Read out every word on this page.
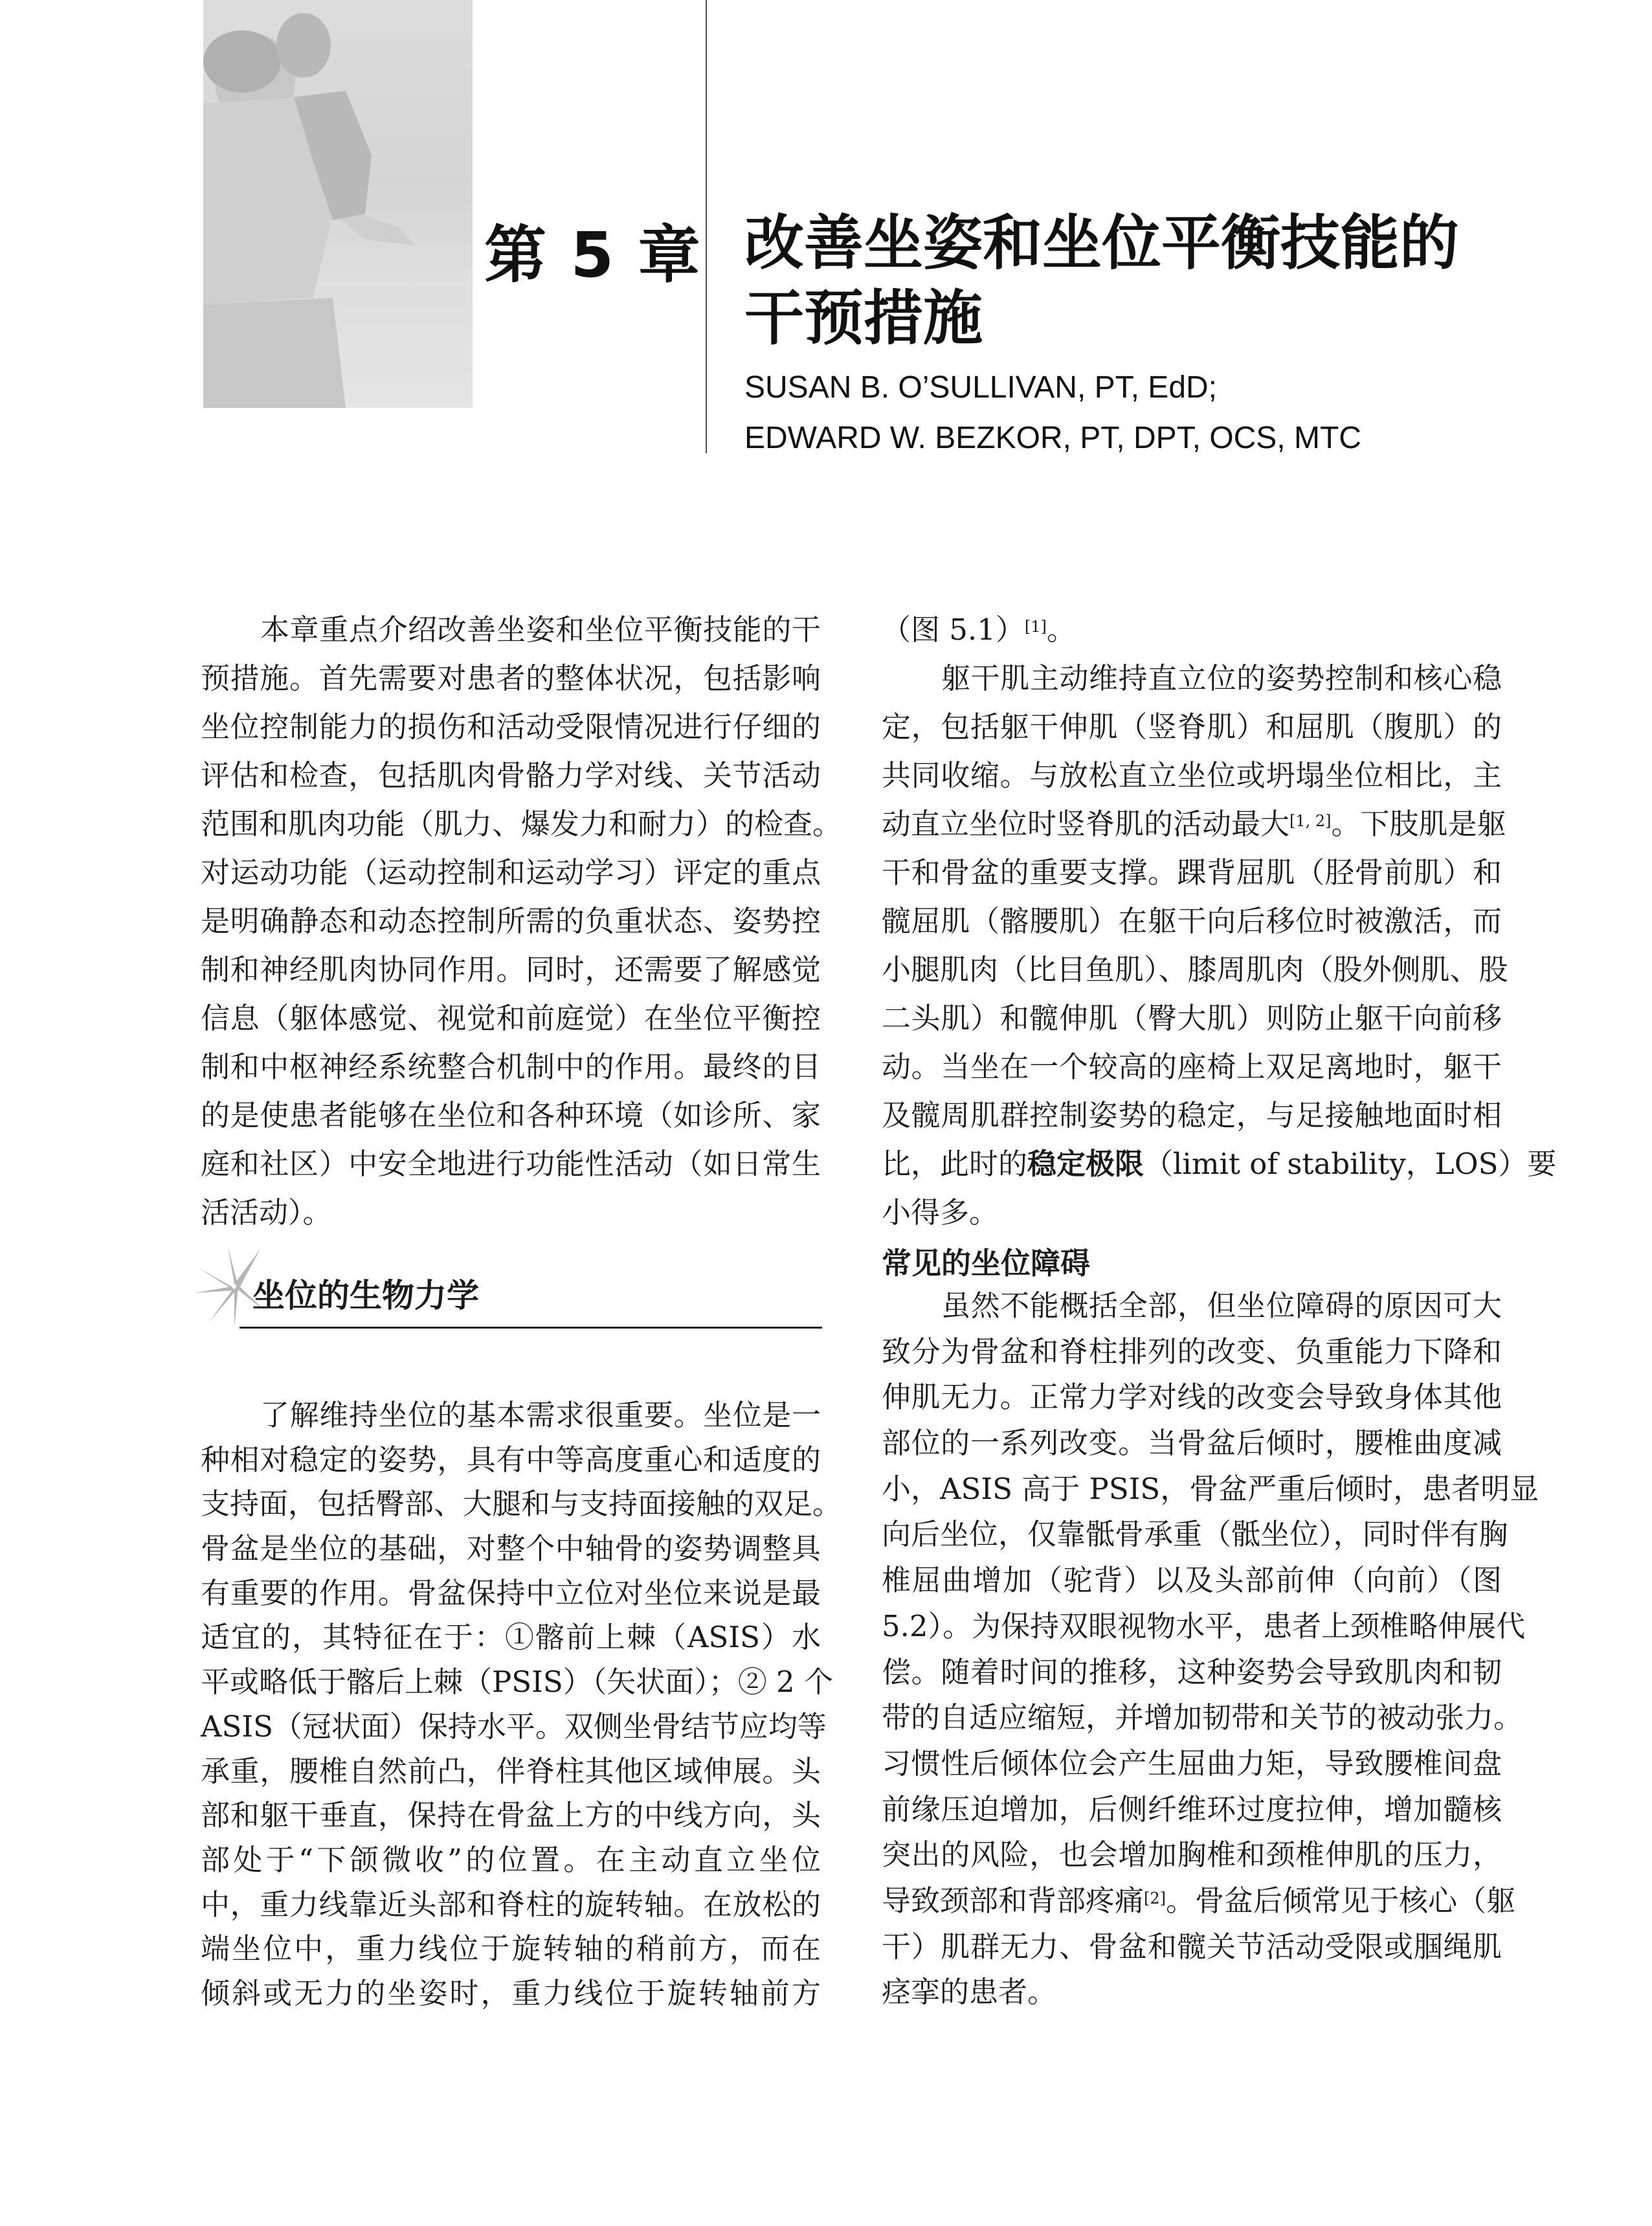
第 5 章 改善坐姿和坐位平衡技能的
干预措施
SUSAN B. O’SULLIVAN, PT, EdD;
EDWARD W. BEZKOR, PT, DPT, OCS, MTC
本章重点介绍改善坐姿和坐位平衡技能的干
预措施。首先需要对患者的整体状况，包括影响
坐位控制能力的损伤和活动受限情况进行仔细的
评估和检查，包括肌肉骨骼力学对线、关节活动
范围和肌肉功能（肌力、爆发力和耐力）的检查。
对运动功能（运动控制和运动学习）评定的重点
是明确静态和动态控制所需的负重状态、姿势控
制和神经肌肉协同作用。同时，还需要了解感觉
信息（躯体感觉、视觉和前庭觉）在坐位平衡控
制和中枢神经系统整合机制中的作用。最终的目
的是使患者能够在坐位和各种环境（如诊所、家
庭和社区）中安全地进行功能性活动（如日常生
活活动）。
坐位的生物力学
了解维持坐位的基本需求很重要。坐位是一
种相对稳定的姿势，具有中等高度重心和适度的
支持面，包括臀部、大腿和与支持面接触的双足。
骨盆是坐位的基础，对整个中轴骨的姿势调整具
有重要的作用。骨盆保持中立位对坐位来说是最
适宜的，其特征在于：①髂前上棘（ASIS）水
平或略低于髂后上棘（PSIS）（矢状面）；② 2 个
ASIS（冠状面）保持水平。双侧坐骨结节应均等
承重，腰椎自然前凸，伴脊柱其他区域伸展。头
部和躯干垂直，保持在骨盆上方的中线方向，头
部处于“下颌微收”的位置。在主动直立坐位
中，重力线靠近头部和脊柱的旋转轴。在放松的
端坐位中，重力线位于旋转轴的稍前方，而在
倾斜或无力的坐姿时，重力线位于旋转轴前方
（图 5.1）[1]。
躯干肌主动维持直立位的姿势控制和核心稳
定，包括躯干伸肌（竖脊肌）和屈肌（腹肌）的
共同收缩。与放松直立坐位或坍塌坐位相比，主
动直立坐位时竖脊肌的活动最大[1, 2]。下肢肌是躯
干和骨盆的重要支撑。踝背屈肌（胫骨前肌）和
髋屈肌（髂腰肌）在躯干向后移位时被激活，而
小腿肌肉（比目鱼肌）、膝周肌肉（股外侧肌、股
二头肌）和髋伸肌（臀大肌）则防止躯干向前移
动。当坐在一个较高的座椅上双足离地时，躯干
及髋周肌群控制姿势的稳定，与足接触地面时相
比，此时的稳定极限（limit of stability，LOS）要
小得多。
常见的坐位障碍
虽然不能概括全部，但坐位障碍的原因可大
致分为骨盆和脊柱排列的改变、负重能力下降和
伸肌无力。正常力学对线的改变会导致身体其他
部位的一系列改变。当骨盆后倾时，腰椎曲度减
小，ASIS 高于 PSIS，骨盆严重后倾时，患者明显
向后坐位，仅靠骶骨承重（骶坐位），同时伴有胸
椎屈曲增加（驼背）以及头部前伸（向前）（图
5.2）。为保持双眼视物水平，患者上颈椎略伸展代
偿。随着时间的推移，这种姿势会导致肌肉和韧
带的自适应缩短，并增加韧带和关节的被动张力。
习惯性后倾体位会产生屈曲力矩，导致腰椎间盘
前缘压迫增加，后侧纤维环过度拉伸，增加髓核
突出的风险，也会增加胸椎和颈椎伸肌的压力，
导致颈部和背部疼痛[2]。骨盆后倾常见于核心（躯
干）肌群无力、骨盆和髋关节活动受限或腘绳肌
痉挛的患者。
